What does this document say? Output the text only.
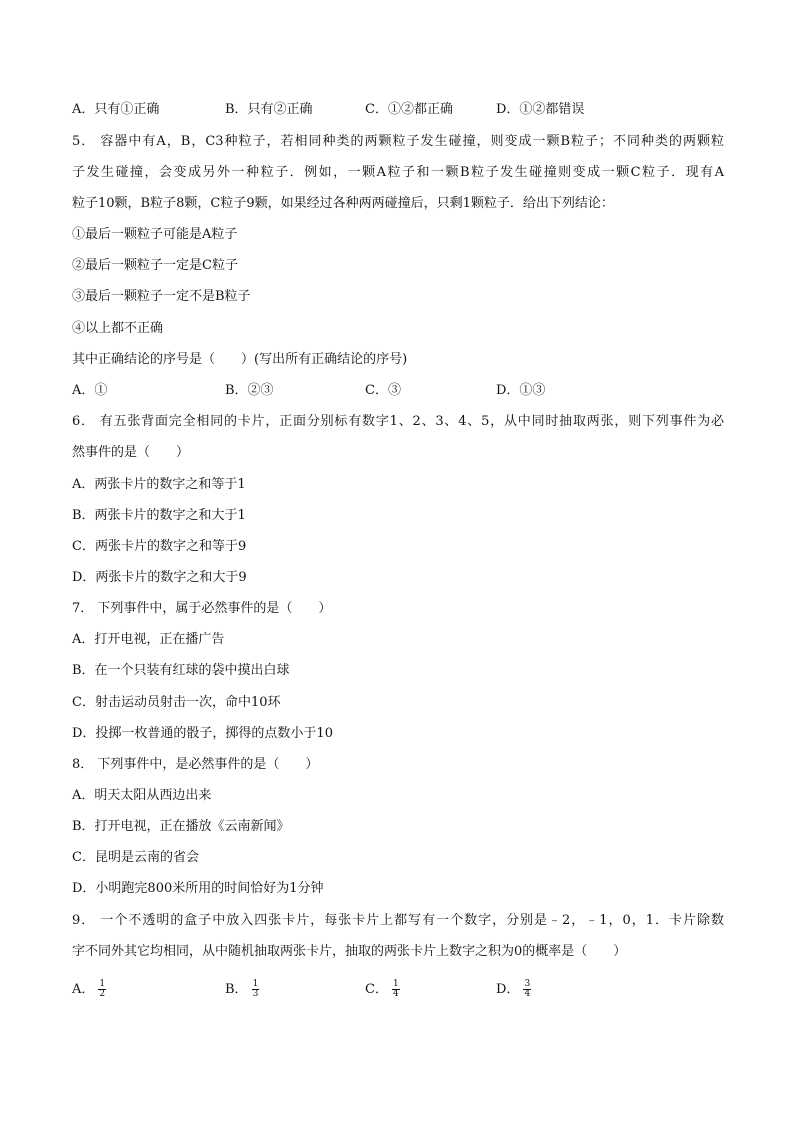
A．只有①正确	B．只有②正确	C．①②都正确	D．①②都错误
5． 容器中有A，B，C3种粒子，若相同种类的两颗粒子发生碰撞，则变成一颗B粒子；不同种类的两颗粒
子发生碰撞，会变成另外一种粒子．例如，一颗A粒子和一颗B粒子发生碰撞则变成一颗C粒子．现有A
粒子10颗，B粒子8颗，C粒子9颗，如果经过各种两两碰撞后，只剩1颗粒子．给出下列结论：
①最后一颗粒子可能是A粒子
②最后一颗粒子一定是C粒子
③最后一颗粒子一定不是B粒子
④以上都不正确
其中正确结论的序号是（　　）(写出所有正确结论的序号)
A．①	B．②③	C．③	D．①③
6． 有五张背面完全相同的卡片，正面分别标有数字1、2、3、4、5，从中同时抽取两张，则下列事件为必
然事件的是（　　）
A．两张卡片的数字之和等于1
B．两张卡片的数字之和大于1
C．两张卡片的数字之和等于9
D．两张卡片的数字之和大于9
7． 下列事件中，属于必然事件的是（　　）
A．打开电视，正在播广告
B．在一个只装有红球的袋中摸出白球
C．射击运动员射击一次，命中10环
D．投掷一枚普通的骰子，掷得的点数小于10
8． 下列事件中，是必然事件的是（　　）
A．明天太阳从西边出来
B．打开电视，正在播放《云南新闻》
C．昆明是云南的省会
D．小明跑完800米所用的时间恰好为1分钟
9． 一个不透明的盒子中放入四张卡片，每张卡片上都写有一个数字，分别是﹣2，﹣1，0，1．卡片除数
字不同外其它均相同，从中随机抽取两张卡片，抽取的两张卡片上数字之积为0的概率是（　　）
A． $\frac{1}{2}$	B． $\frac{1}{3}$	C． $\frac{1}{4}$	D． $\frac{3}{4}$
